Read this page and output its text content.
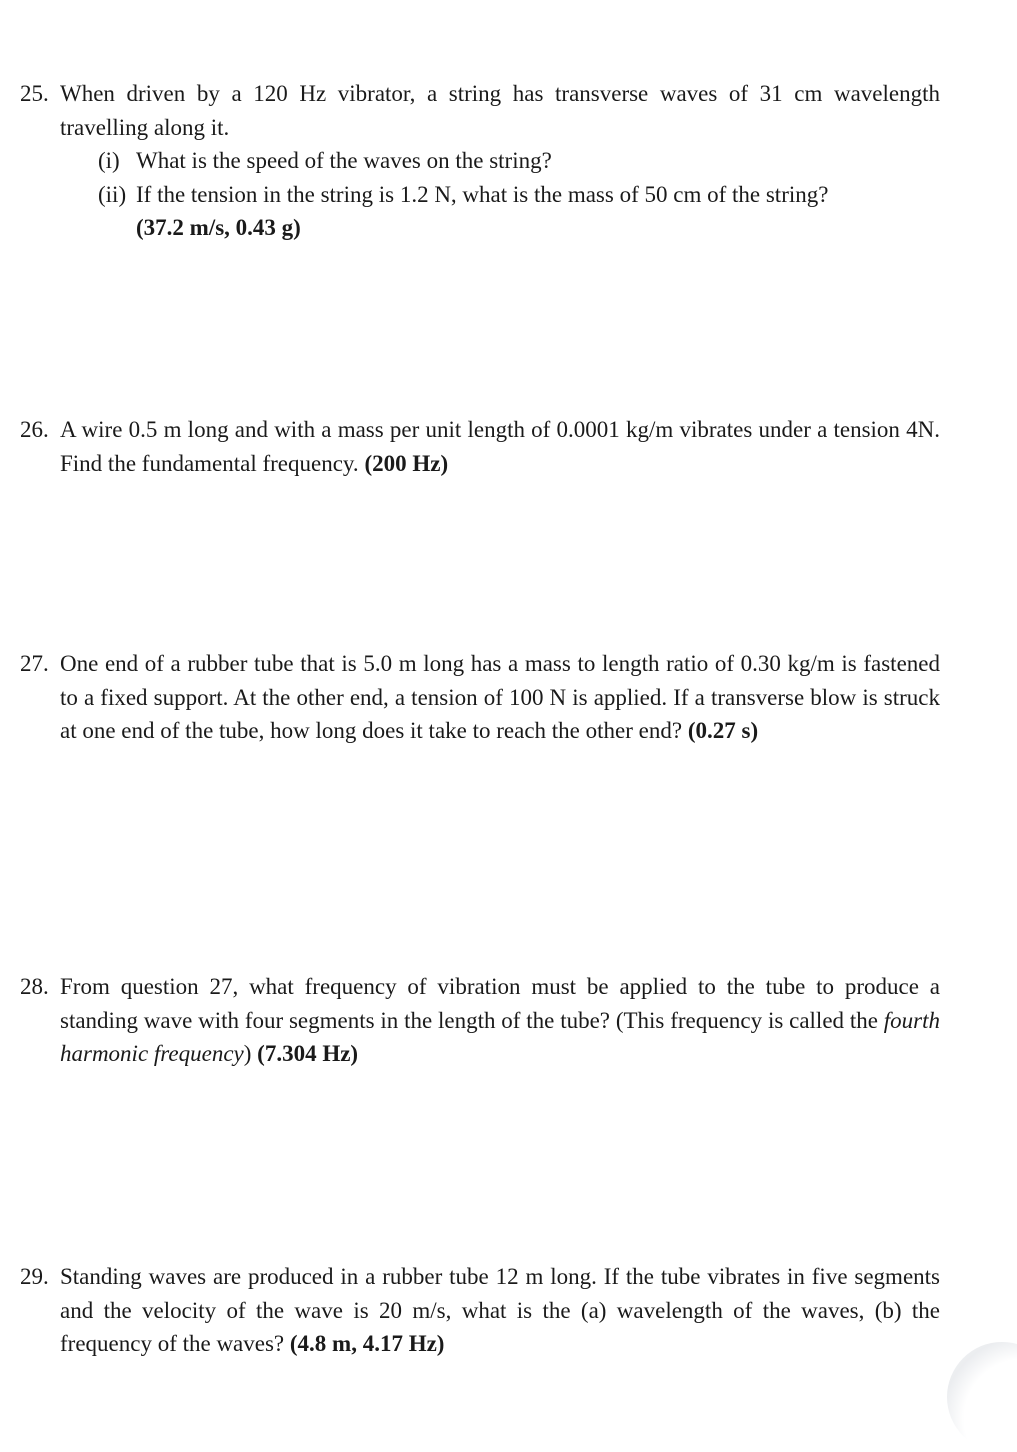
25. When driven by a 120 Hz vibrator, a string has transverse waves of 31 cm wavelength travelling along it.
(i) What is the speed of the waves on the string?
(ii) If the tension in the string is 1.2 N, what is the mass of 50 cm of the string?
(37.2 m/s, 0.43 g)
26. A wire 0.5 m long and with a mass per unit length of 0.0001 kg/m vibrates under a tension 4N. Find the fundamental frequency. (200 Hz)
27. One end of a rubber tube that is 5.0 m long has a mass to length ratio of 0.30 kg/m is fastened to a fixed support. At the other end, a tension of 100 N is applied. If a transverse blow is struck at one end of the tube, how long does it take to reach the other end? (0.27 s)
28. From question 27, what frequency of vibration must be applied to the tube to produce a standing wave with four segments in the length of the tube? (This frequency is called the fourth harmonic frequency) (7.304 Hz)
29. Standing waves are produced in a rubber tube 12 m long. If the tube vibrates in five segments and the velocity of the wave is 20 m/s, what is the (a) wavelength of the waves, (b) the frequency of the waves? (4.8 m, 4.17 Hz)
